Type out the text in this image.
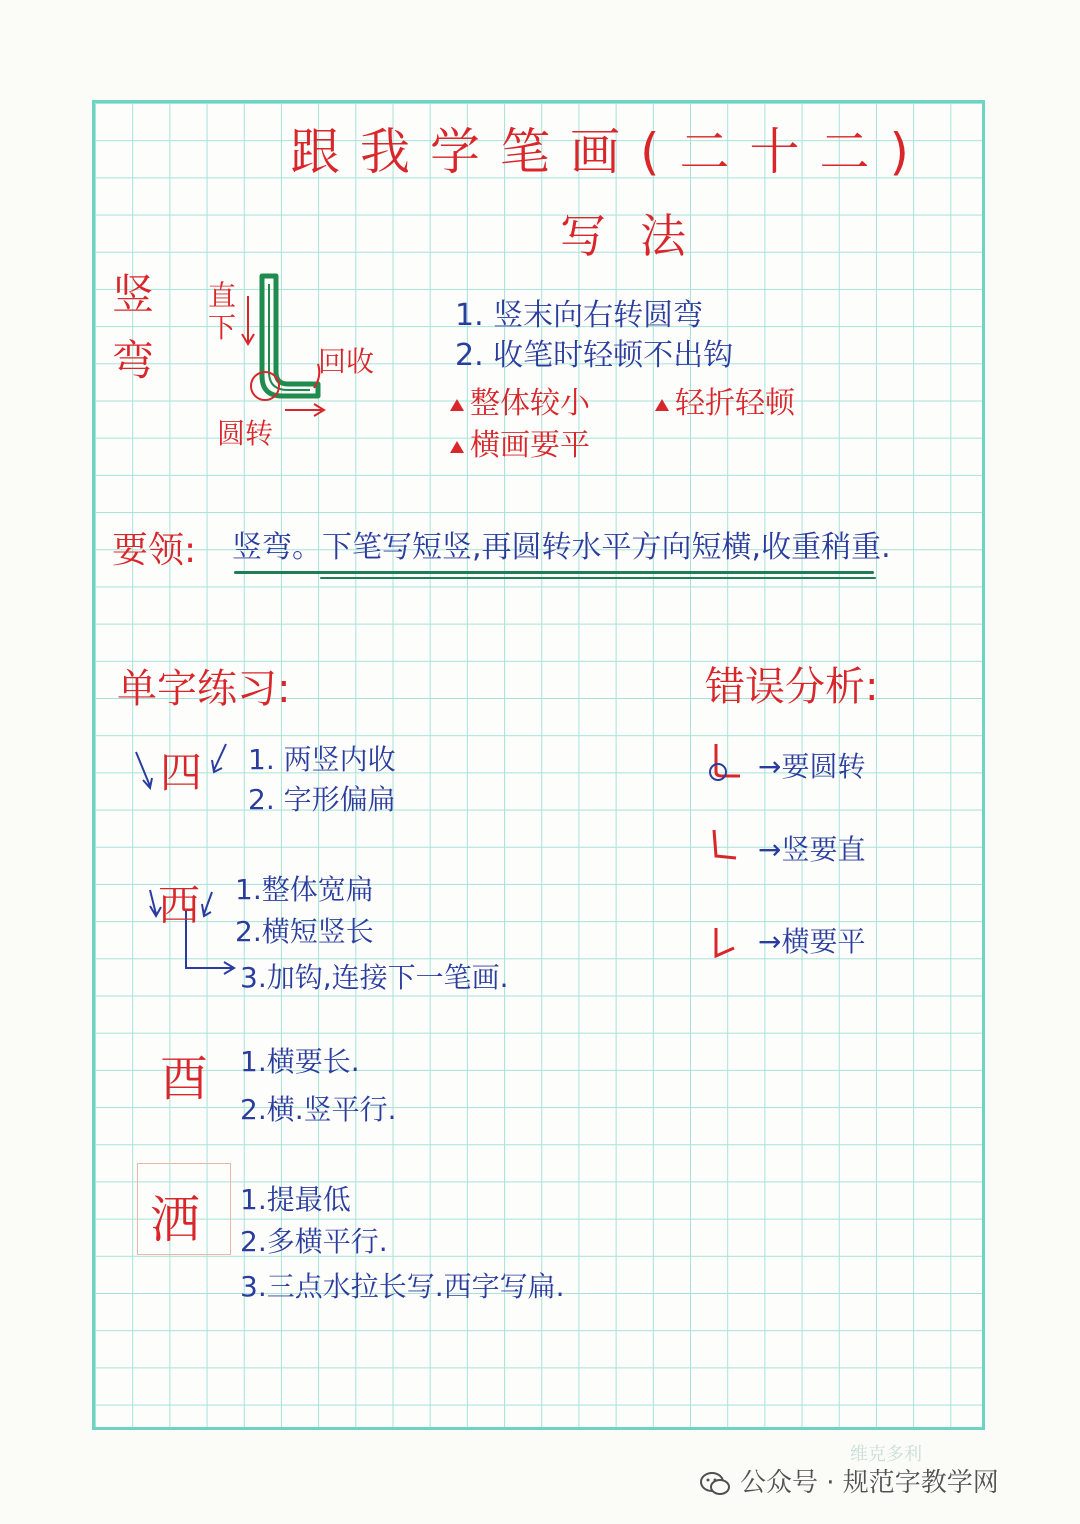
跟我学笔画(二十二)
写法
竖弯
直下
回收
圆转
1. 竖末向右转圆弯
2. 收笔时轻顿不出钩
整体较小	轻折轻顿
横画要平
要领: 竖弯。下笔写短竖,再圆转水平方向短横,收重稍重.
单字练习:	错误分析:
四 1. 两竖内收
2. 字形偏扁
西 1.整体宽扁
2.横短竖长
3.加钩,连接下一笔画.
酉 1.横要长.
2.横.竖平行.
洒 1.提最低
2.多横平行.
3.三点水拉长写.西字写扁.
→要圆转
→竖要直
→横要平
维克多利
公众号 · 规范字教学网
